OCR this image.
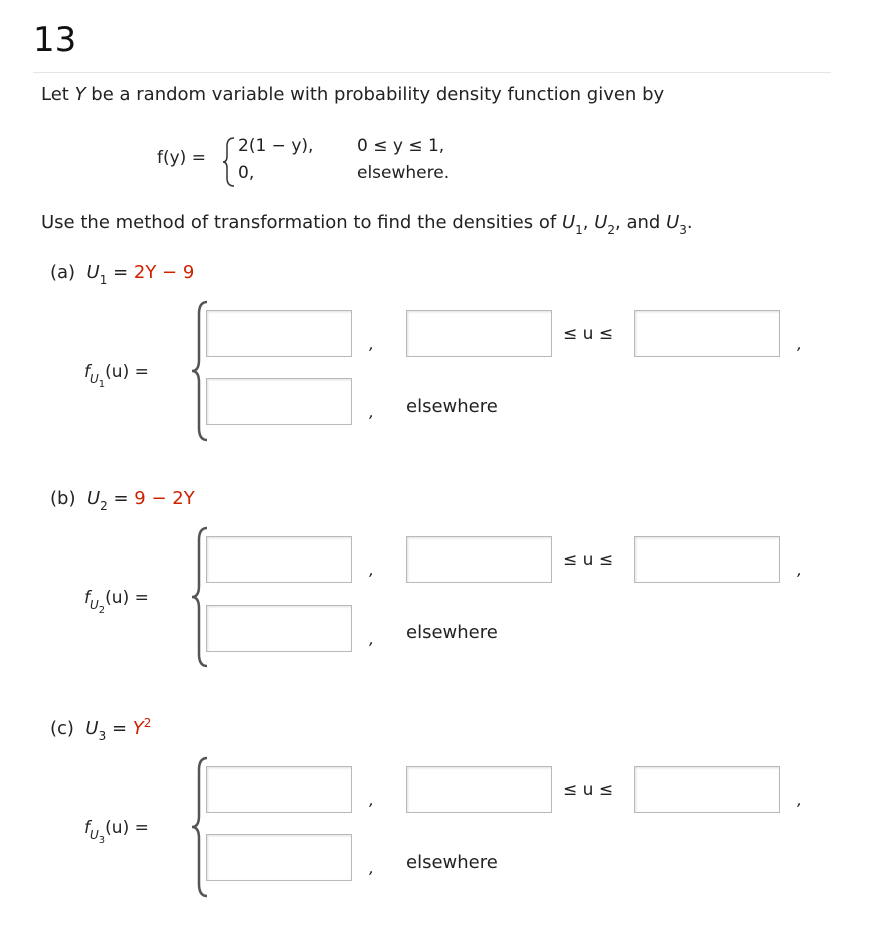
13
Let Y be a random variable with probability density function given by
f(y) =
2(1 − y),	0 ≤ y ≤ 1,
0,	elsewhere.
Use the method of transformation to find the densities of $U_1$, $U_2$, and $U_3$.
(a) $U_1 = 2Y - 9$
$f_{U1}(u)$ =
,	≤ u ≤	,
, elsewhere
(b) $U_2 = 9 - 2Y$
$f_{U2}(u)$ =
,	≤ u ≤	,
, elsewhere
(c) $U_3 = Y^2$
$f_{U3}(u)$ =
,	≤ u ≤	,
, elsewhere
